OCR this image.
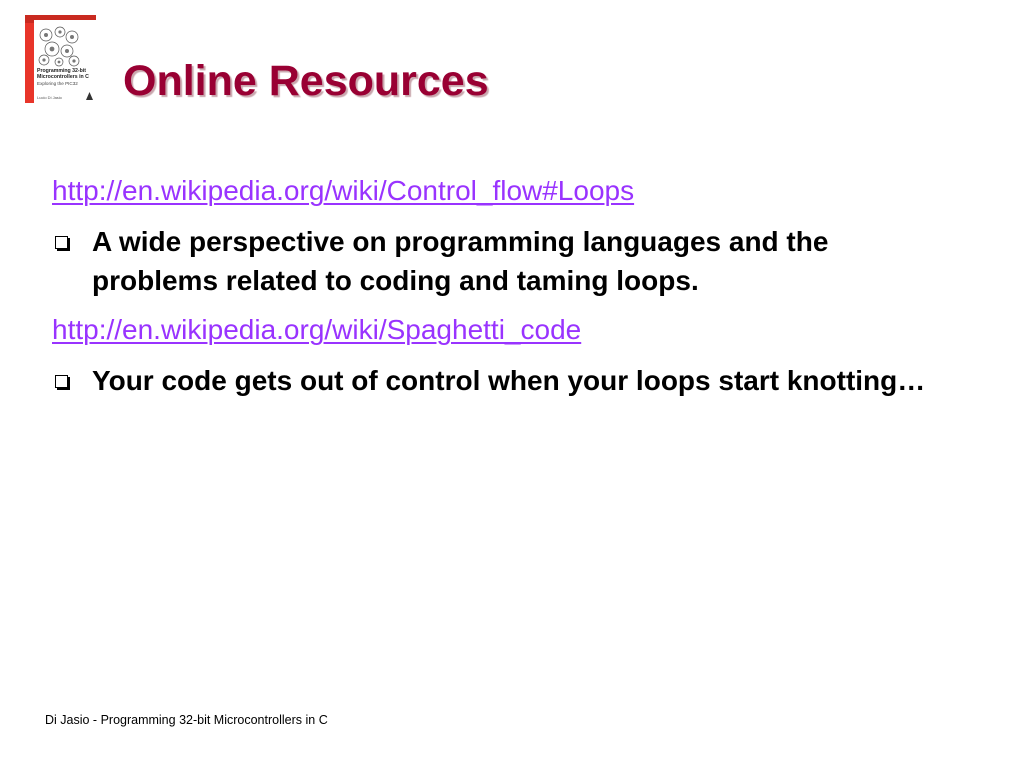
Programming 32-bit Microcontrollers in C
Exploring the PIC32
Lucio Di Jasio Online Resources
http://en.wikipedia.org/wiki/Control_flow#Loops
A wide perspective on programming languages and the problems related to coding and taming loops.
http://en.wikipedia.org/wiki/Spaghetti_code
Your code gets out of control when your loops start knotting…
Di Jasio - Programming 32-bit Microcontrollers in C
